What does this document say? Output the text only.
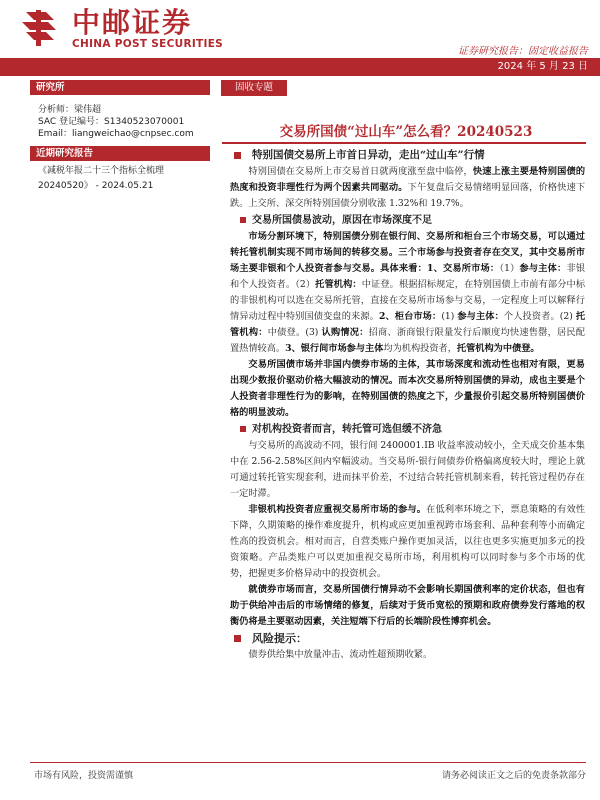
中邮证券
CHINA POST SECURITIES
证券研究报告：固定收益报告
2024 年 5 月 23 日
研究所
分析师：梁伟超
SAC 登记编号：S1340523070001
Email：liangweichao@cnpsec.com
近期研究报告
《减税年报二十三个指标全梳理
20240520》 - 2024.05.21
固收专题
交易所国债“过山车”怎么看？20240523
特别国债交易所上市首日异动，走出“过山车”行情

特别国债在交易所上市交易首日就两度涨至盘中临停，快速上涨主要是特别国债的热度和投资非理性行为两个因素共同驱动。下午复盘后交易情绪明显回落，价格快速下跌。上交所、深交所特别国债分别收涨 1.32%和 19.7%。

交易所国债易波动，原因在市场深度不足

市场分割环境下，特别国债分别在银行间、交易所和柜台三个市场交易，可以通过转托管机制实现不同市场间的转移交易。三个市场参与投资者存在交叉，其中交易所市场主要非银和个人投资者参与交易。具体来看：1、交易所市场：（1）参与主体：非银和个人投资者。（2）托管机构：中证登。根据招标规定，在特别国债上市前有部分中标的非银机构可以选在交易所托管，直接在交易所市场参与交易，一定程度上可以解释行情异动过程中特别国债变盘的来源。2、柜台市场：(1) 参与主体：个人投资者。(2) 托管机构：中债登。(3) 认购情况：招商、浙商银行限量发行后顺度均快速售罄，居民配置热情较高。3、银行间市场参与主体均为机构投资者，托管机构为中债登。

交易所国债市场并非国内债券市场的主体，其市场深度和流动性也相对有限，更易出现少数报价驱动价格大幅波动的情况。而本次交易所特别国债的异动，成也主要是个人投资者非理性行为的影响，在特别国债的热度之下，少量报价引起交易所特别国债价格的明显波动。

对机构投资者而言，转托管可选但缓不济急

与交易所的高波动不同，银行间 2400001.IB 收益率波动较小，全天成交价基本集中在 2.56-2.58%区间内窄幅波动。当交易所-银行间债券价格偏离度较大时，理论上就可通过转托管实现套利，进而抹平价差，不过结合转托管机制来看，转托管过程仍存在一定时滞。

非银机构投资者应重视交易所市场的参与。在低利率环境之下，票息策略的有效性下降，久期策略的操作难度提升，机构或应更加重视跨市场套利、品种套利等小而确定性高的投资机会。相对而言，自营类账户操作更加灵活，以往也更多实施更加多元的投资策略。产品类账户可以更加重视交易所市场，利用机构可以同时参与多个市场的优势，把握更多价格异动中的投资机会。

就债券市场而言，交易所国债行情异动不会影响长期国债利率的定价状态，但也有助于供给冲击后的市场情绪的修复，后续对于货币宽松的预期和政府债券发行落地的权衡仍将是主要驱动因素，关注短端下行后的长端阶段性博弈机会。

风险提示：

债券供给集中放量冲击、流动性超预期收紧。

市场有风险，投资需谨慎	请务必阅读正文之后的免责条款部分
